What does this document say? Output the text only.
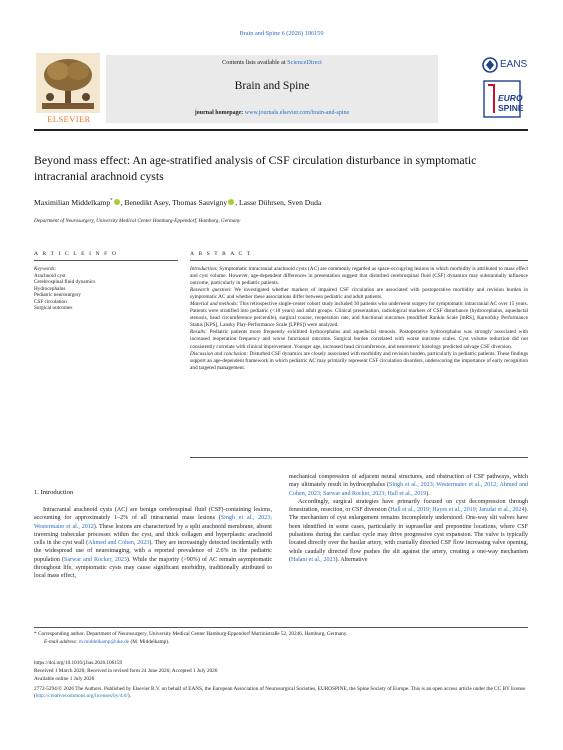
Brain and Spine 6 (2026) 106159
ELSEVIER
Contents lists available at ScienceDirect
Brain and Spine
journal homepage: www.journals.elsevier.com/brain-and-spine
EANS
EURO
SPINE
Beyond mass effect: An age-stratified analysis of CSF circulation disturbance in symptomatic intracranial arachnoid cysts
Maximilian Middelkamp* , Benedikt Asey, Thomas Sauvigny , Lasse Dührsen, Sven Duda
Department of Neurosurgery, University Medical Center Hamburg-Eppendorf, Hamburg, Germany
A R T I C L E I N F O
Keywords:
Arachnoid cyst
Cerebrospinal fluid dynamics
Hydrocephalus
Pediatric neurosurgery
CSF circulation
Surgical outcomes
A B S T R A C T

Introduction: Symptomatic intracranial arachnoid cysts (AC) are commonly regarded as space-occupying lesions in which morbidity is attributed to mass effect and cyst volume. However, age-dependent differences in presentation suggest that disturbed cerebrospinal fluid (CSF) dynamics may substantially influence outcome, particularly in pediatric patients.

Research question: We investigated whether markers of impaired CSF circulation are associated with postoperative morbidity and revision burden in symptomatic AC and whether these associations differ between pediatric and adult patients.

Material and methods: This retrospective single-center cohort study included 30 patients who underwent surgery for symptomatic intracranial AC over 15 years. Patients were stratified into pediatric (<18 years) and adult groups. Clinical presentation, radiological markers of CSF disturbance (hydrocephalus, aqueductal stenosis, head circumference percentile), surgical course, reoperation rate, and functional outcomes (modified Rankin Scale [mRS], Karnofsky Performance Status [KPS], Lansky Play-Performance Scale [LPPS]) were analyzed.

Results: Pediatric patients more frequently exhibited hydrocephalus and aqueductal stenosis. Postoperative hydrocephalus was strongly associated with increased reoperation frequency and worse functional outcome. Surgical burden correlated with worse outcome scales. Cyst volume reduction did not consistently correlate with clinical improvement. Younger age, increased head circumference, and neurenteric histology predicted salvage CSF diversion.

Discussion and conclusion: Disturbed CSF dynamics are closely associated with morbidity and revision burden, particularly in pediatric patients. These findings support an age-dependent framework in which pediatric AC may primarily represent CSF circulation disorders, underscoring the importance of early recognition and targeted management.

1. Introduction

Intracranial arachnoid cysts (AC) are benign cerebrospinal fluid (CSF)-containing lesions, accounting for approximately 1–2% of all intracranial mass lesions (Singh et al., 2023; Westermaier et al., 2012). These lesions are characterized by a split arachnoid membrane, absent traversing trabecular processes within the cyst, and thick collagen and hyperplastic arachnoid cells in the cyst wall (Ahmed and Cohen, 2023). They are increasingly detected incidentally with the widespread use of neuroimaging, with a reported prevalence of 2.6% in the pediatric population (Sarwar and Rocker, 2023). While the majority (>90%) of AC remain asymptomatic throughout life, symptomatic cysts may cause significant morbidity, traditionally attributed to local mass effect,

mechanical compression of adjacent neural structures, and obstruction of CSF pathways, which may ultimately result in hydrocephalus (Singh et al., 2023; Westermaier et al., 2012; Ahmed and Cohen, 2023; Sarwar and Rocker, 2023; Hall et al., 2019).

Accordingly, surgical strategies have primarily focused on cyst decompression through fenestration, resection, or CSF diversion (Hall et al., 2019; Hayes et al., 2019; Jaradat et al., 2024). The mechanism of cyst enlargement remains incompletely understood. One-way slit valves have been identified in some cases, particularly in suprasellar and prepontine locations, where CSF pulsations during the cardiac cycle may drive progressive cyst expansion. The valve is typically located directly over the basilar artery, with cranially directed CSF flow increasing valve opening, while caudally directed flow pushes the slit against the artery, creating a one-way mechanism (Halani et al., 2023). Alternative

* Corresponding author. Department of Neurosurgery, University Medical Center Hamburg-Eppendorf Martinistraße 52, 20246, Hamburg, Germany.
E-mail address: m.middelkamp@uke.de (M. Middelkamp).
https://doi.org/10.1016/j.bas.2026.106159
Received 1 March 2026; Received in revised form 24 June 2026; Accepted 1 July 2026
Available online 1 July 2026
2772-5294/© 2026 The Authors. Published by Elsevier B.V. on behalf of EANS, the European Association of Neurosurgical Societies, EUROSPINE, the Spine Society of Europe. This is an open access article under the CC BY license (http://creativecommons.org/licenses/by/4.0/).
